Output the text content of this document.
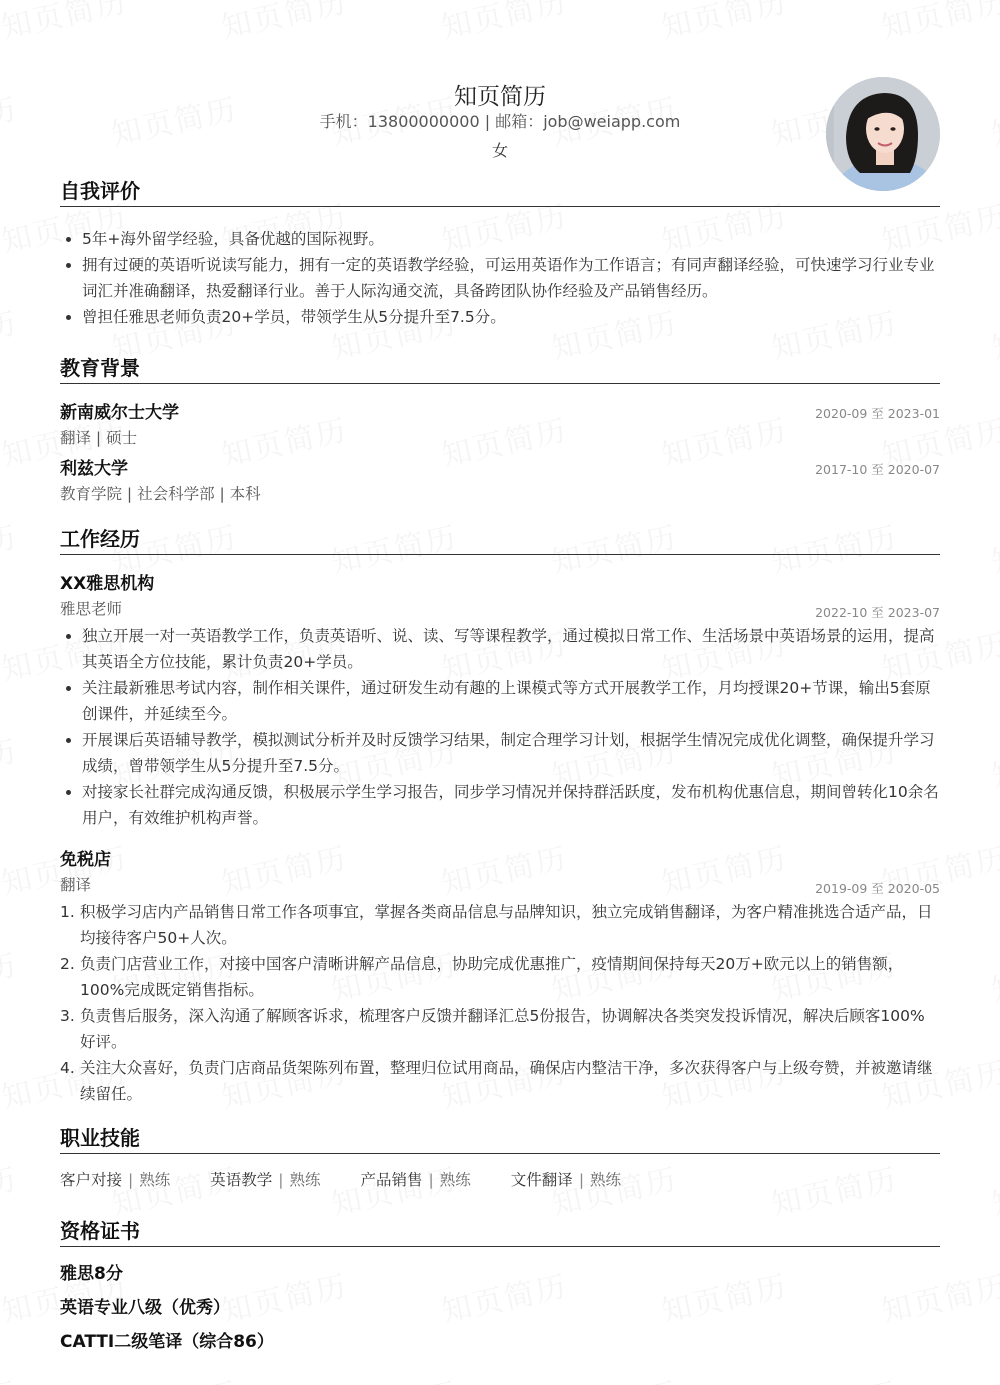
知页简历
手机：13800000000 | 邮箱：job@weiapp.com
女
自我评价
5年+海外留学经验，具备优越的国际视野。
拥有过硬的英语听说读写能力，拥有一定的英语教学经验，可运用英语作为工作语言；有同声翻译经验，可快速学习行业专业词汇并准确翻译，热爱翻译行业。善于人际沟通交流，具备跨团队协作经验及产品销售经历。
曾担任雅思老师负责20+学员，带领学生从5分提升至7.5分。
教育背景
新南威尔士大学	2020-09 至 2023-01
翻译 | 硕士
利兹大学	2017-10 至 2020-07
教育学院 | 社会科学部 | 本科
工作经历
XX雅思机构
雅思老师	2022-10 至 2023-07
独立开展一对一英语教学工作，负责英语听、说、读、写等课程教学，通过模拟日常工作、生活场景中英语场景的运用，提高其英语全方位技能，累计负责20+学员。
关注最新雅思考试内容，制作相关课件，通过研发生动有趣的上课模式等方式开展教学工作，月均授课20+节课，输出5套原创课件，并延续至今。
开展课后英语辅导教学，模拟测试分析并及时反馈学习结果，制定合理学习计划，根据学生情况完成优化调整，确保提升学习成绩，曾带领学生从5分提升至7.5分。
对接家长社群完成沟通反馈，积极展示学生学习报告，同步学习情况并保持群活跃度，发布机构优惠信息，期间曾转化10余名用户，有效维护机构声誉。
免税店
翻译	2019-09 至 2020-05
1. 积极学习店内产品销售日常工作各项事宜，掌握各类商品信息与品牌知识，独立完成销售翻译，为客户精准挑选合适产品，日均接待客户50+人次。
2. 负责门店营业工作，对接中国客户清晰讲解产品信息，协助完成优惠推广，疫情期间保持每天20万+欧元以上的销售额，100%完成既定销售指标。
3. 负责售后服务，深入沟通了解顾客诉求，梳理客户反馈并翻译汇总5份报告，协调解决各类突发投诉情况，解决后顾客100%好评。
4. 关注大众喜好，负责门店商品货架陈列布置，整理归位试用商品，确保店内整洁干净，多次获得客户与上级夸赞，并被邀请继续留任。
职业技能
客户对接 | 熟练	英语教学 | 熟练	产品销售 | 熟练	文件翻译 | 熟练
资格证书
雅思8分
英语专业八级（优秀）
CATTI二级笔译（综合86）
